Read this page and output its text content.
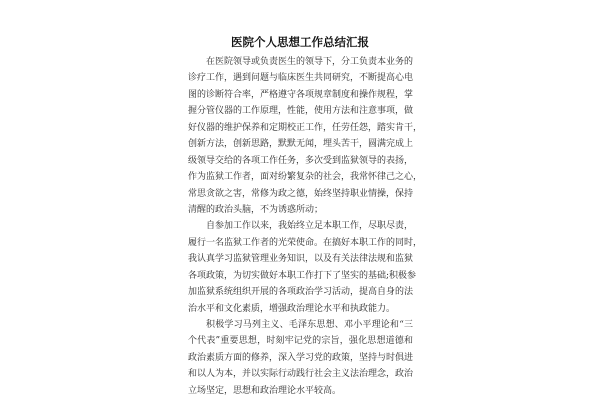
医院个人思想工作总结汇报
在医院领导或负责医生的领导下，分工负责本业务的
诊疗工作，遇到问题与临床医生共同研究，不断提高心电
图的诊断符合率，严格遵守各项规章制度和操作规程，掌
握分管仪器的工作原理，性能，使用方法和注意事项，做
好仪器的维护保养和定期校正工作，任劳任怨，踏实肯干，
创新方法，创新思路，默默无闻，埋头苦干，圆满完成上
级领导交给的各项工作任务，多次受到监狱领导的表扬，
作为监狱工作者，面对纷繁复杂的社会，我常怀律己之心，
常思贪欲之害，常修为政之德，始终坚持职业情操，保持
清醒的政治头脑，不为诱惑所动；
自参加工作以来，我始终立足本职工作，尽职尽责，
履行一名监狱工作者的光荣使命。在搞好本职工作的同时，
我认真学习监狱管理业务知识，以及有关法律法规和监狱
各项政策，为切实做好本职工作打下了坚实的基础;积极参
加监狱系统组织开展的各项政治学习活动，提高自身的法
治水平和文化素质，增强政治理论水平和执政能力。
积极学习马列主义、毛泽东思想、邓小平理论和“三
个代表”重要思想，时刻牢记党的宗旨，强化思想道德和
政治素质方面的修养，深入学习党的政策，坚持与时俱进
和以人为本，并以实际行动践行社会主义法治理念，政治
立场坚定，思想和政治理论水平较高。
